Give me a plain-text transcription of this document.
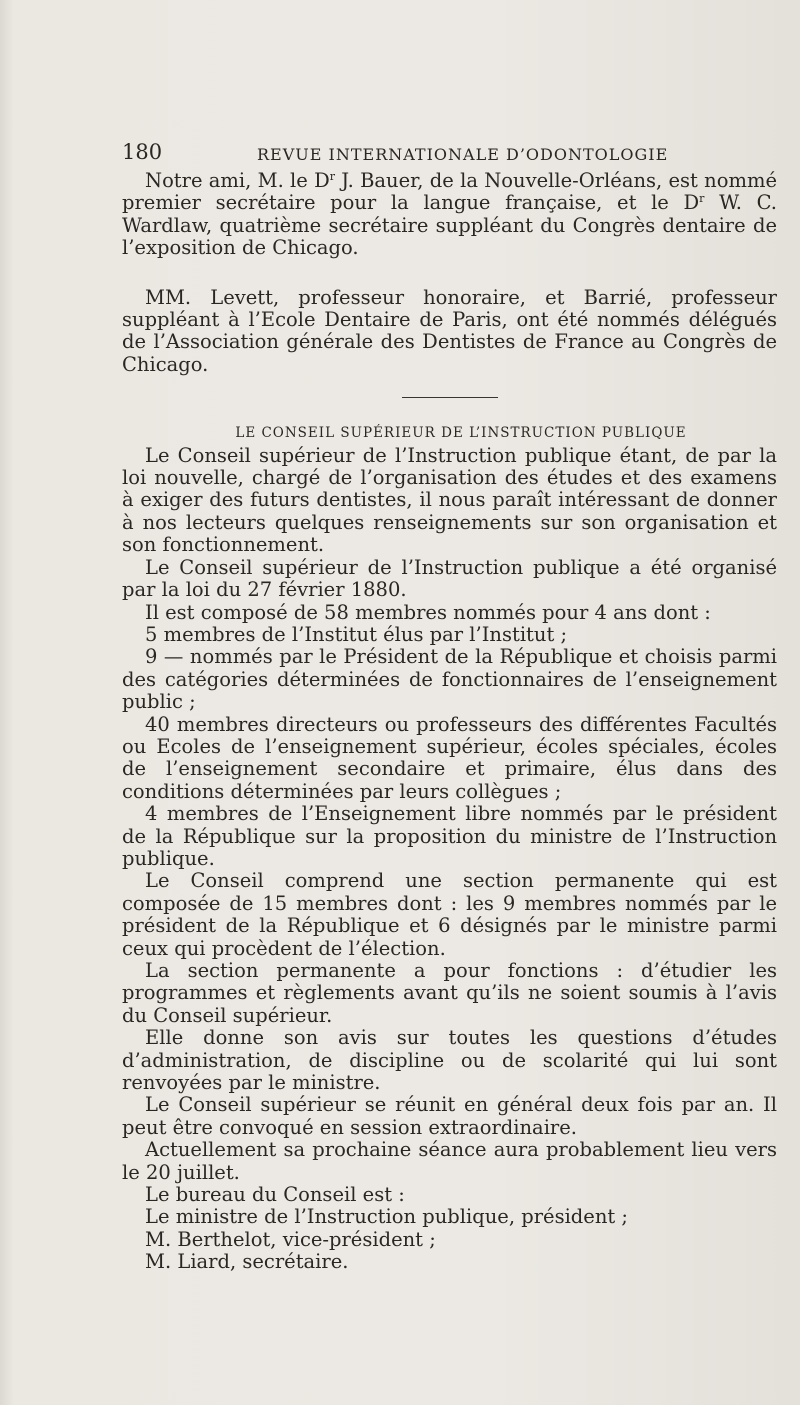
180	REVUE INTERNATIONALE D’ODONTOLOGIE

Notre ami, M. le $D^r$ J. Bauer, de la Nouvelle-Orléans, est nommé premier secrétaire pour la langue française, et le $D^r$ W. C. Wardlaw, quatrième secrétaire suppléant du Congrès dentaire de l’exposition de Chicago.

MM. Levett, professeur honoraire, et Barrié, professeur suppléant à l’Ecole Dentaire de Paris, ont été nommés délégués de l’Association générale des Dentistes de France au Congrès de Chicago.

LE CONSEIL SUPÉRIEUR DE L’INSTRUCTION PUBLIQUE

Le Conseil supérieur de l’Instruction publique étant, de par la loi nouvelle, chargé de l’organisation des études et des examens à exiger des futurs dentistes, il nous paraît intéressant de donner à nos lecteurs quelques renseignements sur son organisation et son fonctionnement.

Le Conseil supérieur de l’Instruction publique a été organisé par la loi du 27 février 1880.

Il est composé de 58 membres nommés pour 4 ans dont :

5 membres de l’Institut élus par l’Institut ;

9 — nommés par le Président de la République et choisis parmi des catégories déterminées de fonctionnaires de l’enseignement public ;

40 membres directeurs ou professeurs des différentes Facultés ou Ecoles de l’enseignement supérieur, écoles spéciales, écoles de l’enseignement secondaire et primaire, élus dans des conditions déterminées par leurs collègues ;

4 membres de l’Enseignement libre nommés par le président de la République sur la proposition du ministre de l’Instruction publique.

Le Conseil comprend une section permanente qui est composée de 15 membres dont : les 9 membres nommés par le président de la République et 6 désignés par le ministre parmi ceux qui procèdent de l’élection.

La section permanente a pour fonctions : d’étudier les programmes et règlements avant qu’ils ne soient soumis à l’avis du Conseil supérieur.

Elle donne son avis sur toutes les questions d’études d’administration, de discipline ou de scolarité qui lui sont renvoyées par le ministre.

Le Conseil supérieur se réunit en général deux fois par an. Il peut être convoqué en session extraordinaire.

Actuellement sa prochaine séance aura probablement lieu vers le 20 juillet.

Le bureau du Conseil est :

Le ministre de l’Instruction publique, président ;

M. Berthelot, vice-président ;

M. Liard, secrétaire.
